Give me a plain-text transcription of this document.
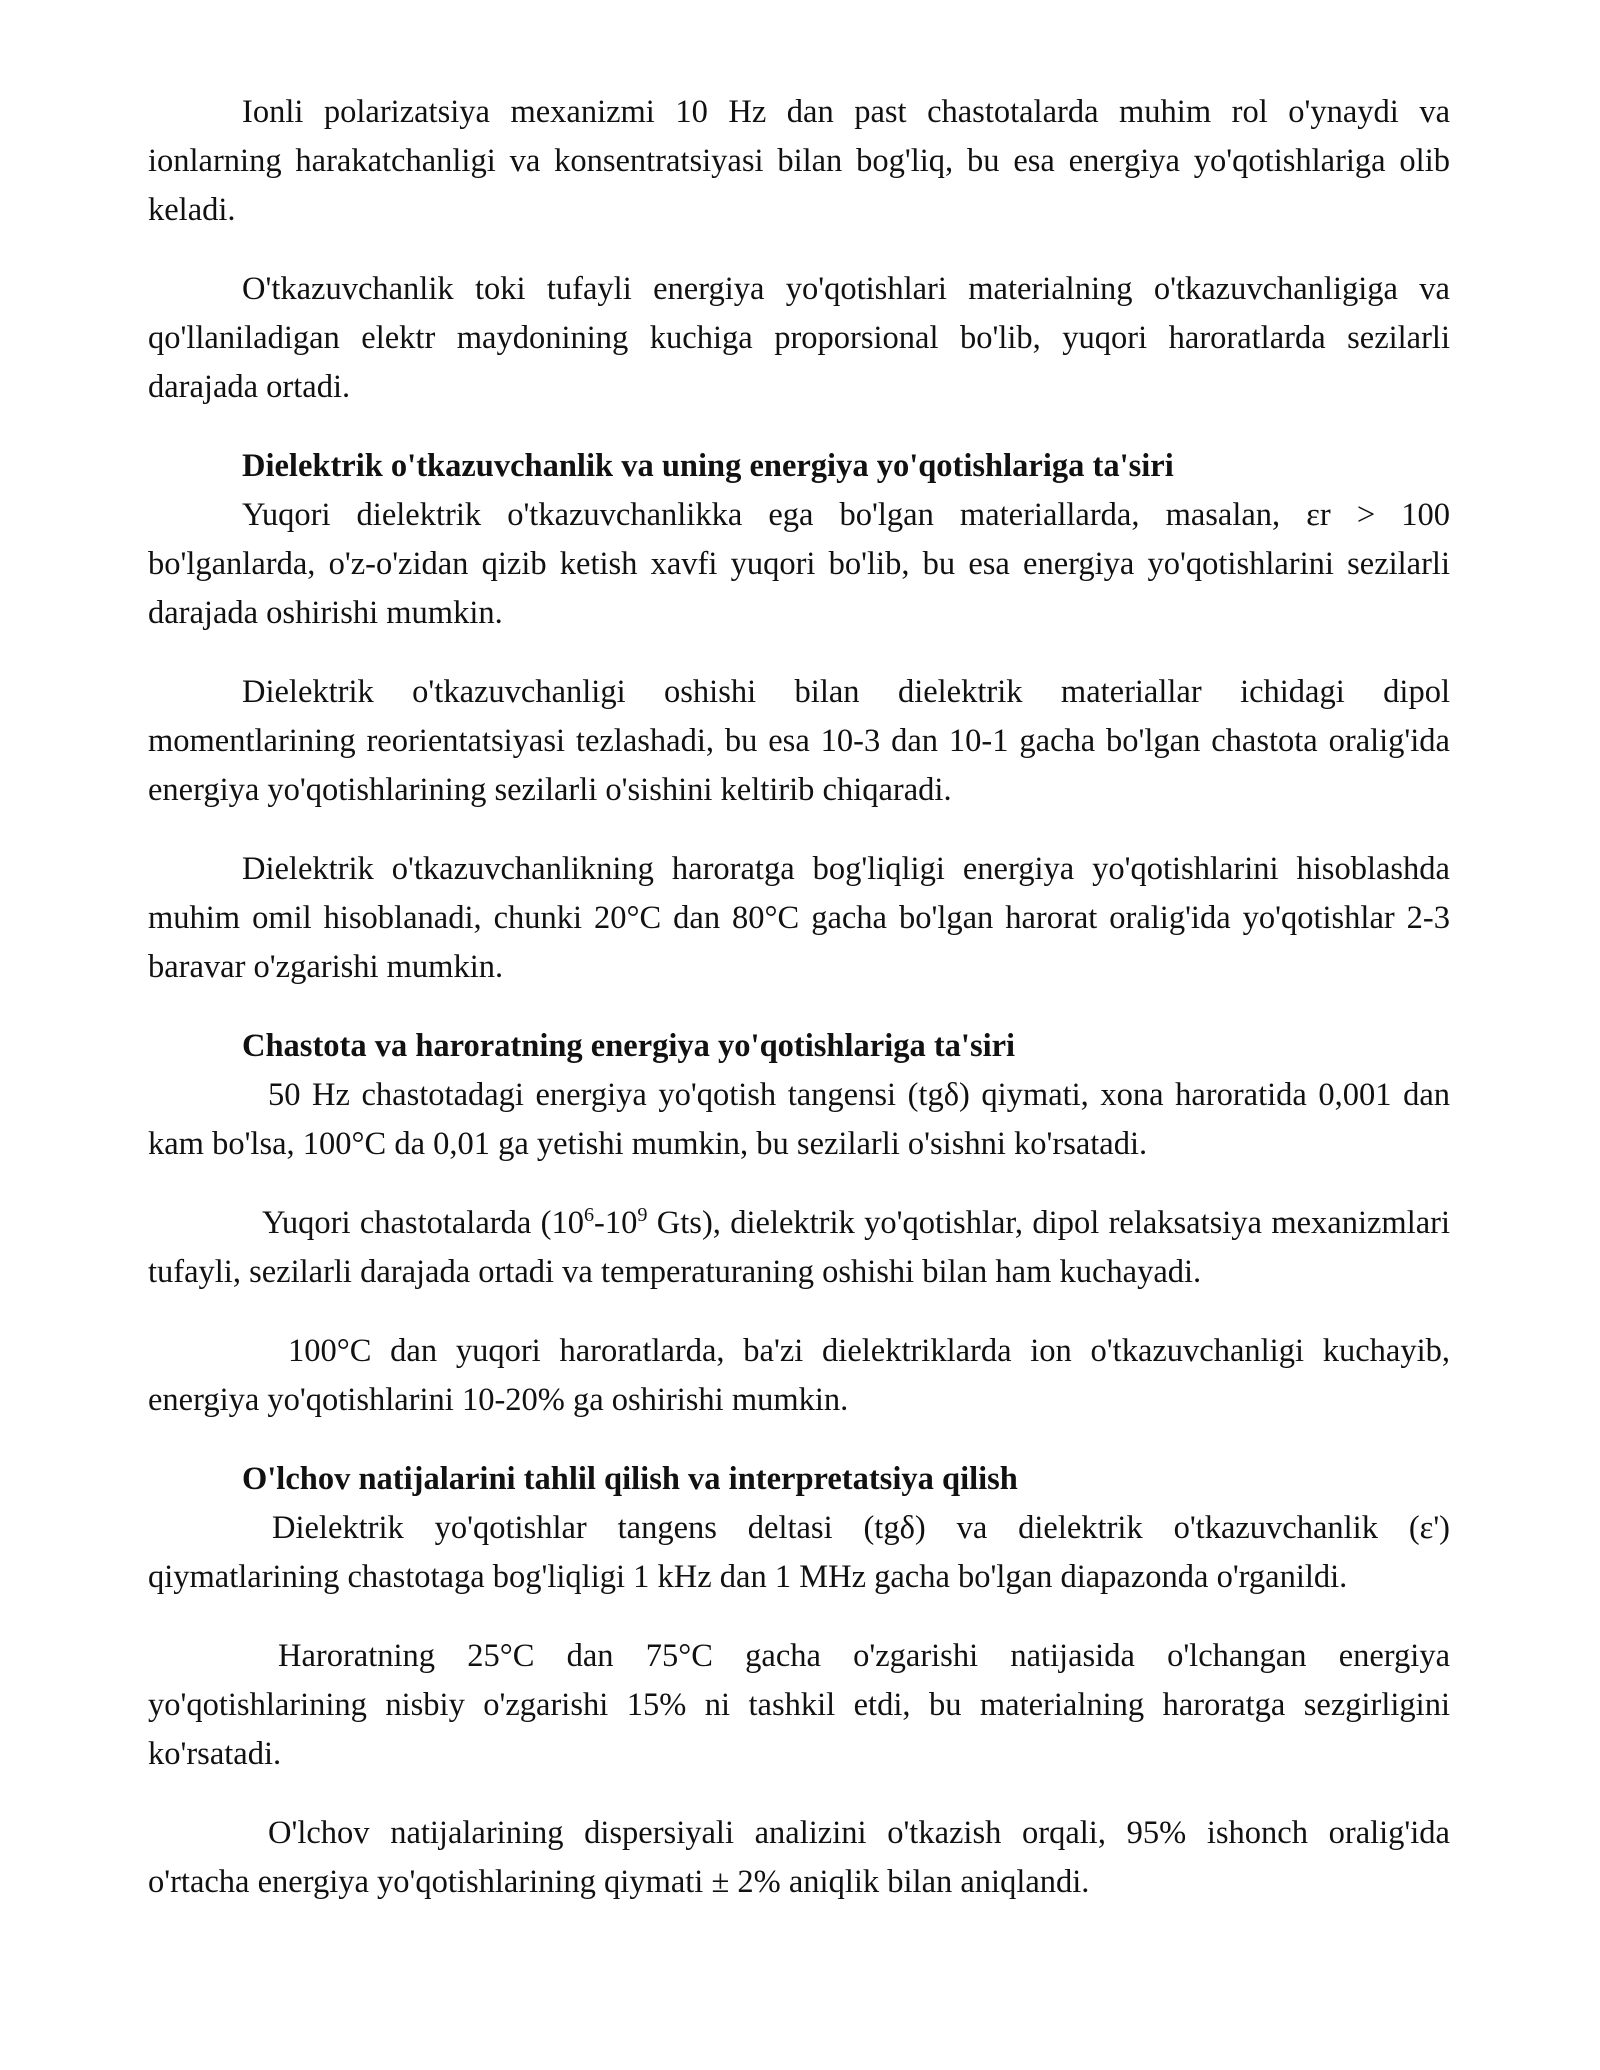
Ionli polarizatsiya mexanizmi 10 Hz dan past chastotalarda muhim rol o'ynaydi va ionlarning harakatchanligi va konsentratsiyasi bilan bog'liq, bu esa energiya yo'qotishlariga olib keladi.

O'tkazuvchanlik toki tufayli energiya yo'qotishlari materialning o'tkazuvchanligiga va qo'llaniladigan elektr maydonining kuchiga proporsional bo'lib, yuqori haroratlarda sezilarli darajada ortadi.

Dielektrik o'tkazuvchanlik va uning energiya yo'qotishlariga ta'siri

Yuqori dielektrik o'tkazuvchanlikka ega bo'lgan materiallarda, masalan, εr > 100 bo'lganlarda, o'z-o'zidan qizib ketish xavfi yuqori bo'lib, bu esa energiya yo'qotishlarini sezilarli darajada oshirishi mumkin.

Dielektrik o'tkazuvchanligi oshishi bilan dielektrik materiallar ichidagi dipol momentlarining reorientatsiyasi tezlashadi, bu esa 10-3 dan 10-1 gacha bo'lgan chastota oralig'ida energiya yo'qotishlarining sezilarli o'sishini keltirib chiqaradi.

Dielektrik o'tkazuvchanlikning haroratga bog'liqligi energiya yo'qotishlarini hisoblashda muhim omil hisoblanadi, chunki 20°C dan 80°C gacha bo'lgan harorat oralig'ida yo'qotishlar 2-3 baravar o'zgarishi mumkin.

Chastota va haroratning energiya yo'qotishlariga ta'siri

50 Hz chastotadagi energiya yo'qotish tangensi (tgδ) qiymati, xona haroratida 0,001 dan kam bo'lsa, 100°C da 0,01 ga yetishi mumkin, bu sezilarli o'sishni ko'rsatadi.

Yuqori chastotalarda ($10^6-10^9$ Gts), dielektrik yo'qotishlar, dipol relaksatsiya mexanizmlari tufayli, sezilarli darajada ortadi va temperaturaning oshishi bilan ham kuchayadi.

100°C dan yuqori haroratlarda, ba'zi dielektriklarda ion o'tkazuvchanligi kuchayib, energiya yo'qotishlarini 10-20% ga oshirishi mumkin.

O'lchov natijalarini tahlil qilish va interpretatsiya qilish

Dielektrik yo'qotishlar tangens deltasi (tgδ) va dielektrik o'tkazuvchanlik (ε') qiymatlarining chastotaga bog'liqligi 1 kHz dan 1 MHz gacha bo'lgan diapazonda o'rganildi.

Haroratning 25°C dan 75°C gacha o'zgarishi natijasida o'lchangan energiya yo'qotishlarining nisbiy o'zgarishi 15% ni tashkil etdi, bu materialning haroratga sezgirligini ko'rsatadi.

O'lchov natijalarining dispersiyali analizini o'tkazish orqali, 95% ishonch oralig'ida o'rtacha energiya yo'qotishlarining qiymati ± 2% aniqlik bilan aniqlandi.
